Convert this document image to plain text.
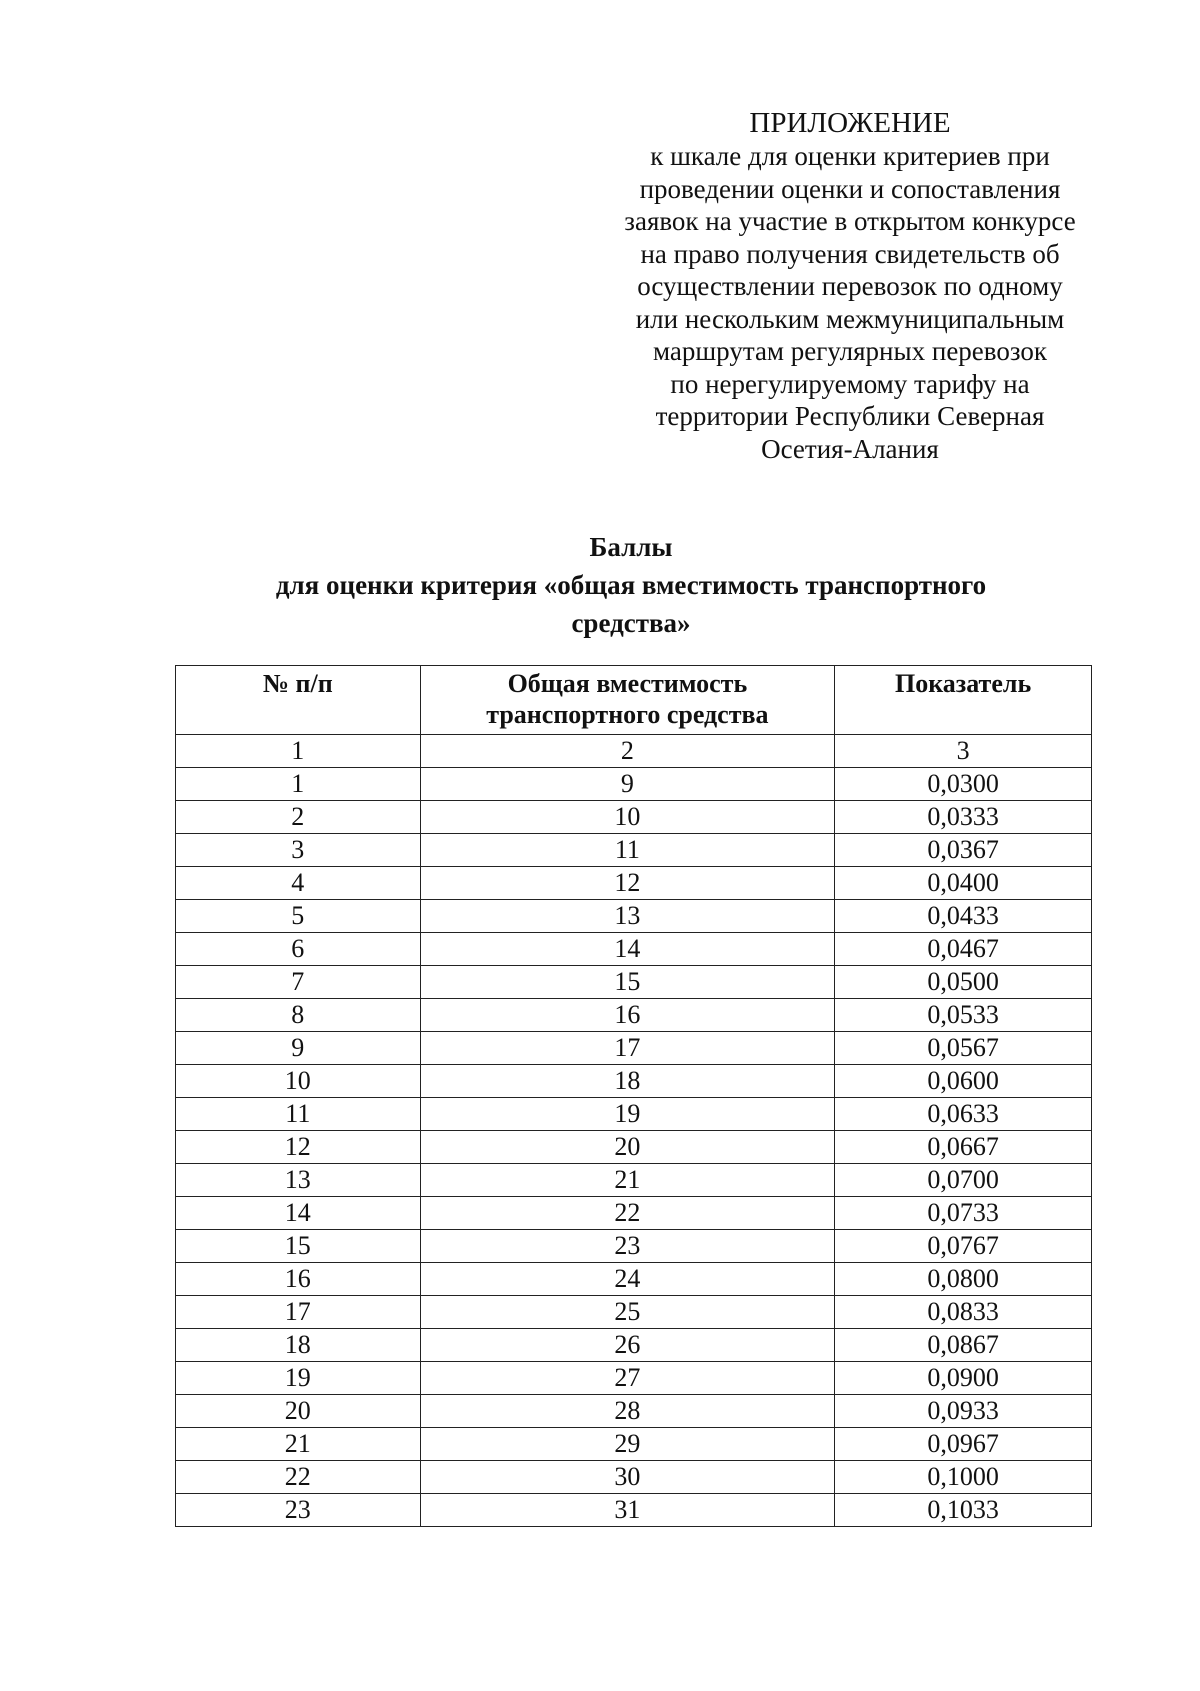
ПРИЛОЖЕНИЕ
к шкале для оценки критериев при
проведении оценки и сопоставления
заявок на участие в открытом конкурсе
на право получения свидетельств об
осуществлении перевозок по одному
или нескольким межмуниципальным
маршрутам регулярных перевозок
по нерегулируемому тарифу на
территории Республики Северная
Осетия-Алания
Баллы
для оценки критерия «общая вместимость транспортного
средства»
№ п/п	Общая вместимость транспортного средства	Показатель
1	2	3
1	9	0,0300
2	10	0,0333
3	11	0,0367
4	12	0,0400
5	13	0,0433
6	14	0,0467
7	15	0,0500
8	16	0,0533
9	17	0,0567
10	18	0,0600
11	19	0,0633
12	20	0,0667
13	21	0,0700
14	22	0,0733
15	23	0,0767
16	24	0,0800
17	25	0,0833
18	26	0,0867
19	27	0,0900
20	28	0,0933
21	29	0,0967
22	30	0,1000
23	31	0,1033
